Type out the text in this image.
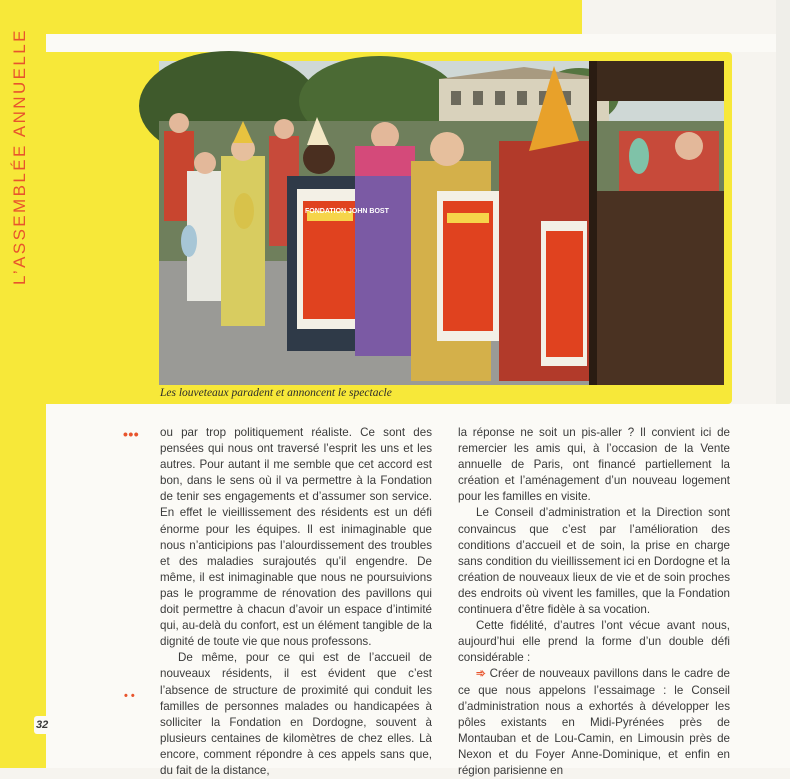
L’ASSEMBLÉE ANNUELLE	FONDATION JOHN BOST
Les louveteaux paradent et annoncent le spectacle
•••
• •

ou par trop politiquement réaliste. Ce sont des pensées qui nous ont traversé l’esprit les uns et les autres. Pour autant il me semble que cet accord est bon, dans le sens où il va permettre à la Fondation de tenir ses engagements et d’assumer son service. En effet le vieillissement des résidents est un défi énorme pour les équipes. Il est inimaginable que nous n’anticipions pas l’alourdissement des troubles et des maladies surajoutés qu’il engendre. De même, il est inimaginable que nous ne poursuivions pas le programme de rénovation des pavillons qui doit permettre à chacun d’avoir un espace d’intimité qui, au-delà du confort, est un élément tangible de la dignité de toute vie que nous professons.

De même, pour ce qui est de l’accueil de nouveaux résidents, il est évident que c’est l’absence de structure de proximité qui conduit les familles de personnes malades ou handicapées à solliciter la Fondation en Dordogne, souvent à plusieurs centaines de kilomètres de chez elles. Là encore, comment répondre à ces appels sans que, du fait de la distance,

la réponse ne soit un pis-aller ? Il convient ici de remercier les amis qui, à l’occasion de la Vente annuelle de Paris, ont financé partiellement la création et l’aménagement d’un nouveau logement pour les familles en visite.

Le Conseil d’administration et la Direction sont convaincus que c’est par l’amélioration des conditions d’accueil et de soin, la prise en charge sans condition du vieillissement ici en Dordogne et la création de nouveaux lieux de vie et de soin proches des endroits où vivent les familles, que la Fondation continuera d’être fidèle à sa vocation.

Cette fidélité, d’autres l’ont vécue avant nous, aujourd’hui elle prend la forme d’un double défi considérable :

➾ Créer de nouveaux pavillons dans le cadre de ce que nous appelons l’essaimage : le Conseil d’administration nous a exhortés à développer les pôles existants en Midi-Pyrénées près de Montauban et de Lou-Camin, en Limousin près de Nexon et du Foyer Anne-Dominique, et enfin en région parisienne en

32
